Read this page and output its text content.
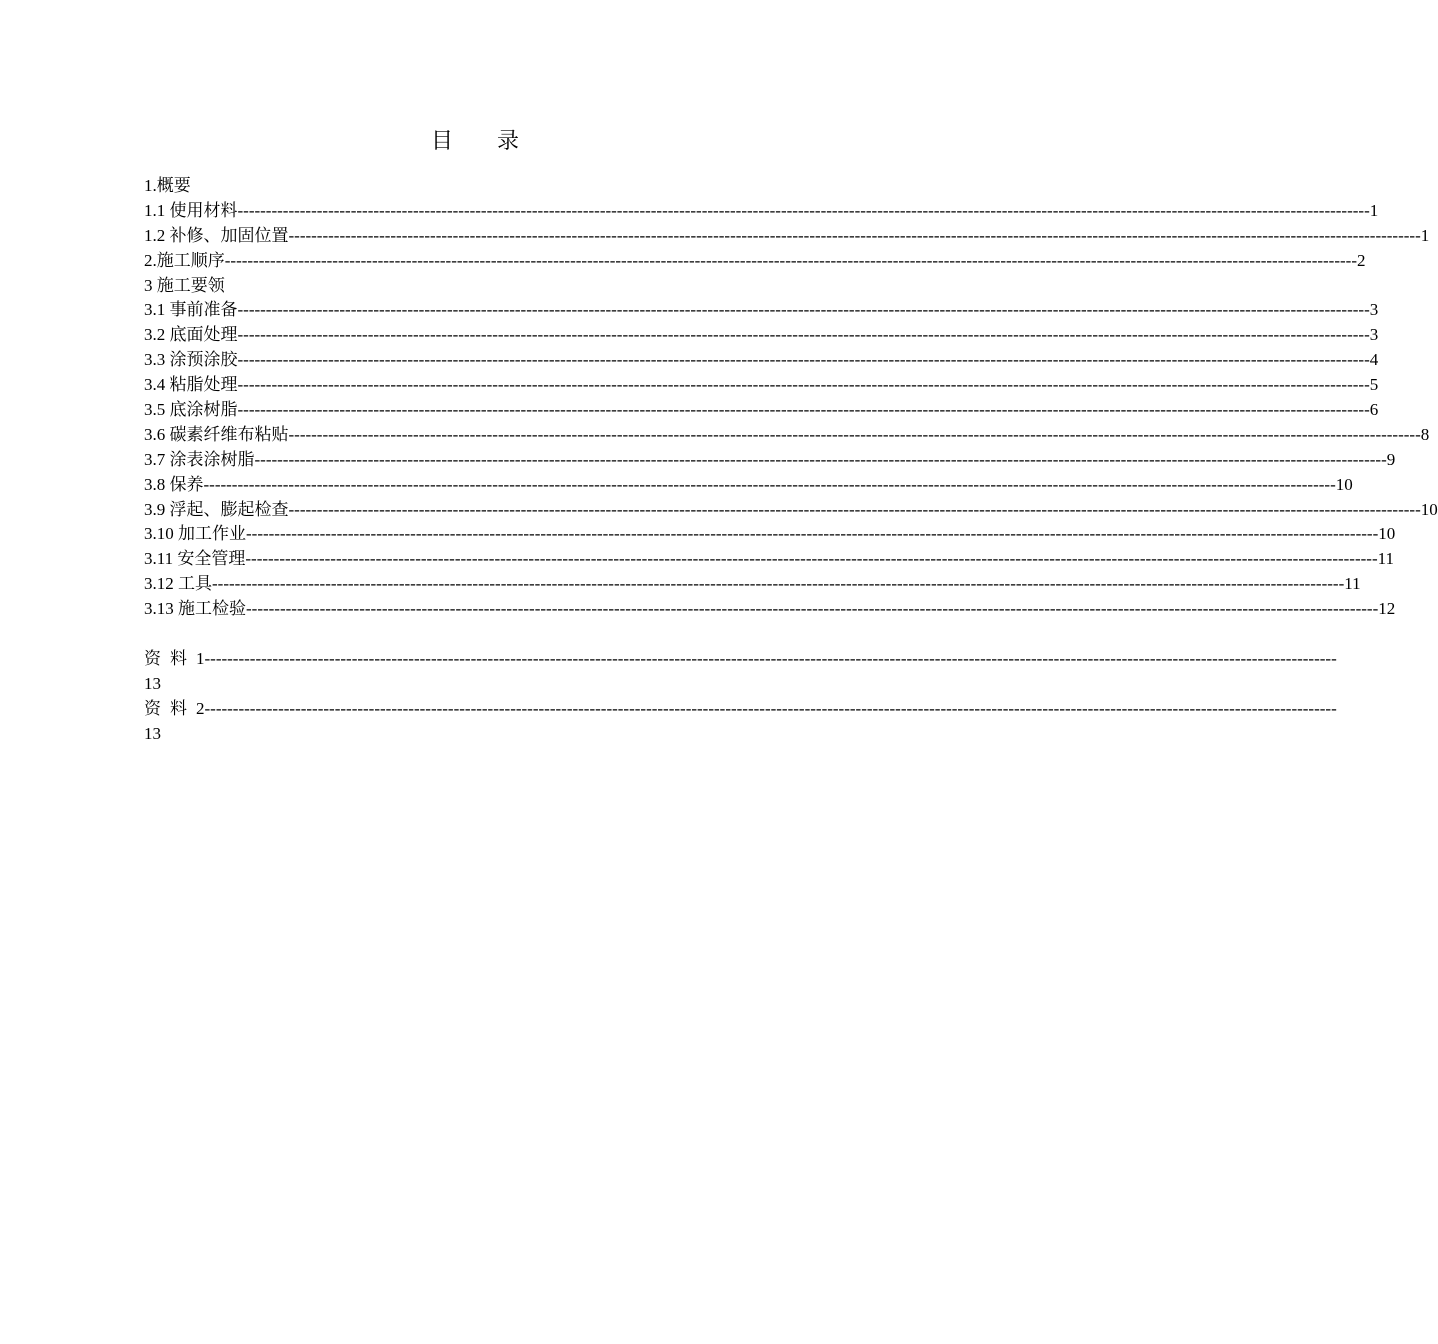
目　　录
1.概要
1.1 使用材料 -------------------------------------------------------------------------------------------------------------------------------------------------------------------------------------------------------- 1
1.2 补修、加固位置 -------------------------------------------------------------------------------------------------------------------------------------------------------------------------------------------------------- 1
2.施工顺序 -------------------------------------------------------------------------------------------------------------------------------------------------------------------------------------------------------- 2
3 施工要领
3.1 事前准备 -------------------------------------------------------------------------------------------------------------------------------------------------------------------------------------------------------- 3
3.2 底面处理 -------------------------------------------------------------------------------------------------------------------------------------------------------------------------------------------------------- 3
3.3 涂预涂胶 -------------------------------------------------------------------------------------------------------------------------------------------------------------------------------------------------------- 4
3.4 粘脂处理 -------------------------------------------------------------------------------------------------------------------------------------------------------------------------------------------------------- 5
3.5 底涂树脂 -------------------------------------------------------------------------------------------------------------------------------------------------------------------------------------------------------- 6
3.6 碳素纤维布粘贴 -------------------------------------------------------------------------------------------------------------------------------------------------------------------------------------------------------- 8
3.7 涂表涂树脂 -------------------------------------------------------------------------------------------------------------------------------------------------------------------------------------------------------- 9
3.8 保养 -------------------------------------------------------------------------------------------------------------------------------------------------------------------------------------------------------- 10
3.9 浮起、膨起检查 -------------------------------------------------------------------------------------------------------------------------------------------------------------------------------------------------------- 10
3.10 加工作业 -------------------------------------------------------------------------------------------------------------------------------------------------------------------------------------------------------- 10
3.11 安全管理 -------------------------------------------------------------------------------------------------------------------------------------------------------------------------------------------------------- 11
3.12 工具 -------------------------------------------------------------------------------------------------------------------------------------------------------------------------------------------------------- 11
3.13 施工检验 -------------------------------------------------------------------------------------------------------------------------------------------------------------------------------------------------------- 12
资料 1 --------------------------------------------------------------------------------------------------------------------------------------------------------------------------------------------------------
13
资料 2 --------------------------------------------------------------------------------------------------------------------------------------------------------------------------------------------------------
13
